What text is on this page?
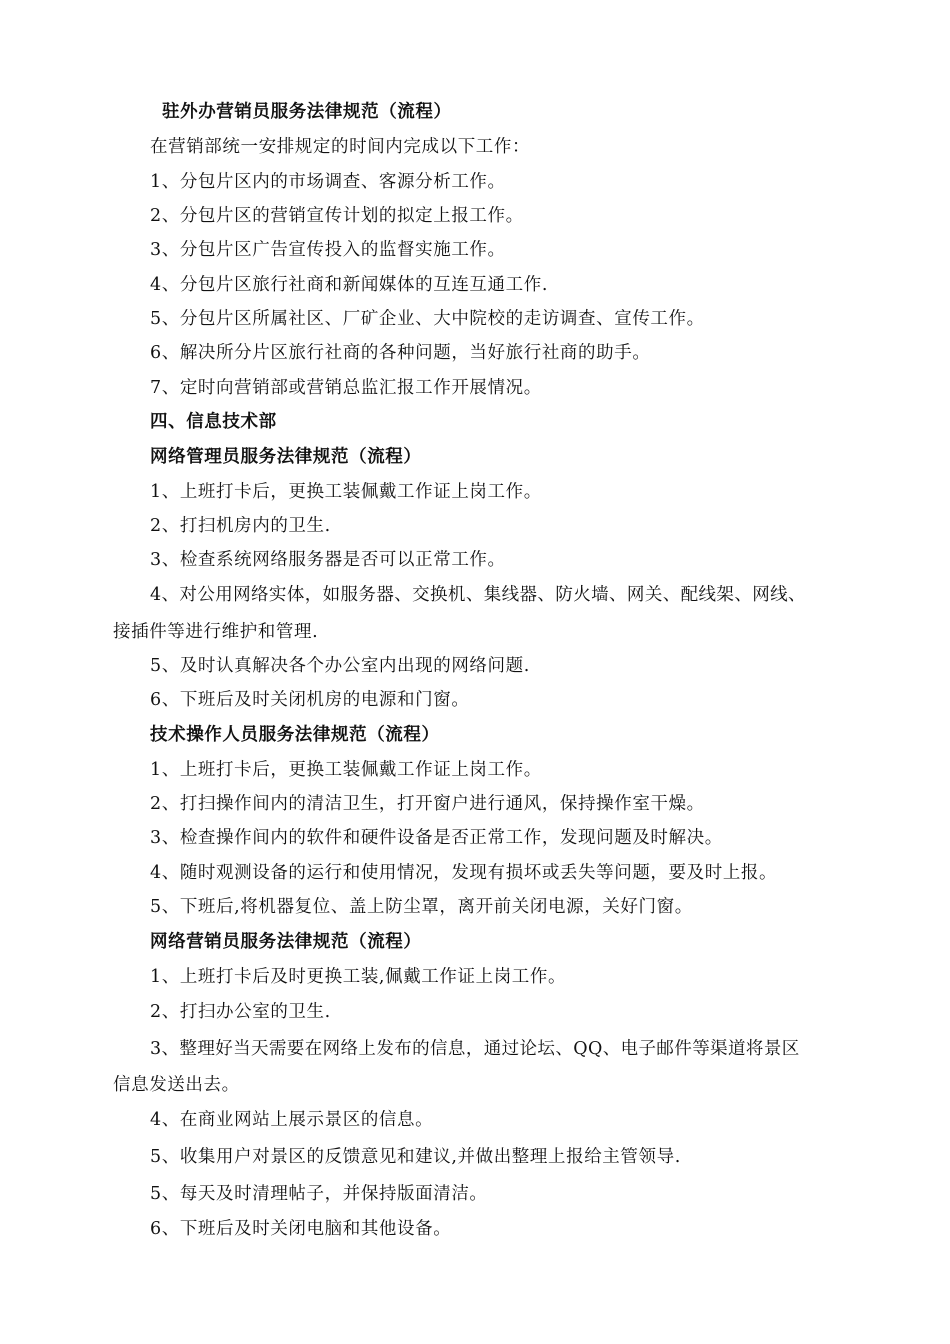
驻外办营销员服务法律规范（流程）
在营销部统一安排规定的时间内完成以下工作：
1、分包片区内的市场调查、客源分析工作。
2、分包片区的营销宣传计划的拟定上报工作。
3、分包片区广告宣传投入的监督实施工作。
4、分包片区旅行社商和新闻媒体的互连互通工作.
5、分包片区所属社区、厂矿企业、大中院校的走访调查、宣传工作。
6、解决所分片区旅行社商的各种问题，当好旅行社商的助手。
7、定时向营销部或营销总监汇报工作开展情况。
四、信息技术部
网络管理员服务法律规范（流程）
1、上班打卡后，更换工装佩戴工作证上岗工作。
2、打扫机房内的卫生.
3、检查系统网络服务器是否可以正常工作。
4、对公用网络实体，如服务器、交换机、集线器、防火墙、网关、配线架、网线、
接插件等进行维护和管理.
5、及时认真解决各个办公室内出现的网络问题.
6、下班后及时关闭机房的电源和门窗。
技术操作人员服务法律规范（流程）
1、上班打卡后，更换工装佩戴工作证上岗工作。
2、打扫操作间内的清洁卫生，打开窗户进行通风，保持操作室干燥。
3、检查操作间内的软件和硬件设备是否正常工作，发现问题及时解决。
4、随时观测设备的运行和使用情况，发现有损坏或丢失等问题，要及时上报。
5、下班后,将机器复位、盖上防尘罩，离开前关闭电源，关好门窗。
网络营销员服务法律规范（流程）
1、上班打卡后及时更换工装,佩戴工作证上岗工作。
2、打扫办公室的卫生.
3、整理好当天需要在网络上发布的信息，通过论坛、QQ、电子邮件等渠道将景区
信息发送出去。
4、在商业网站上展示景区的信息。
5、收集用户对景区的反馈意见和建议,并做出整理上报给主管领导.
5、每天及时清理帖子，并保持版面清洁。
6、下班后及时关闭电脑和其他设备。
